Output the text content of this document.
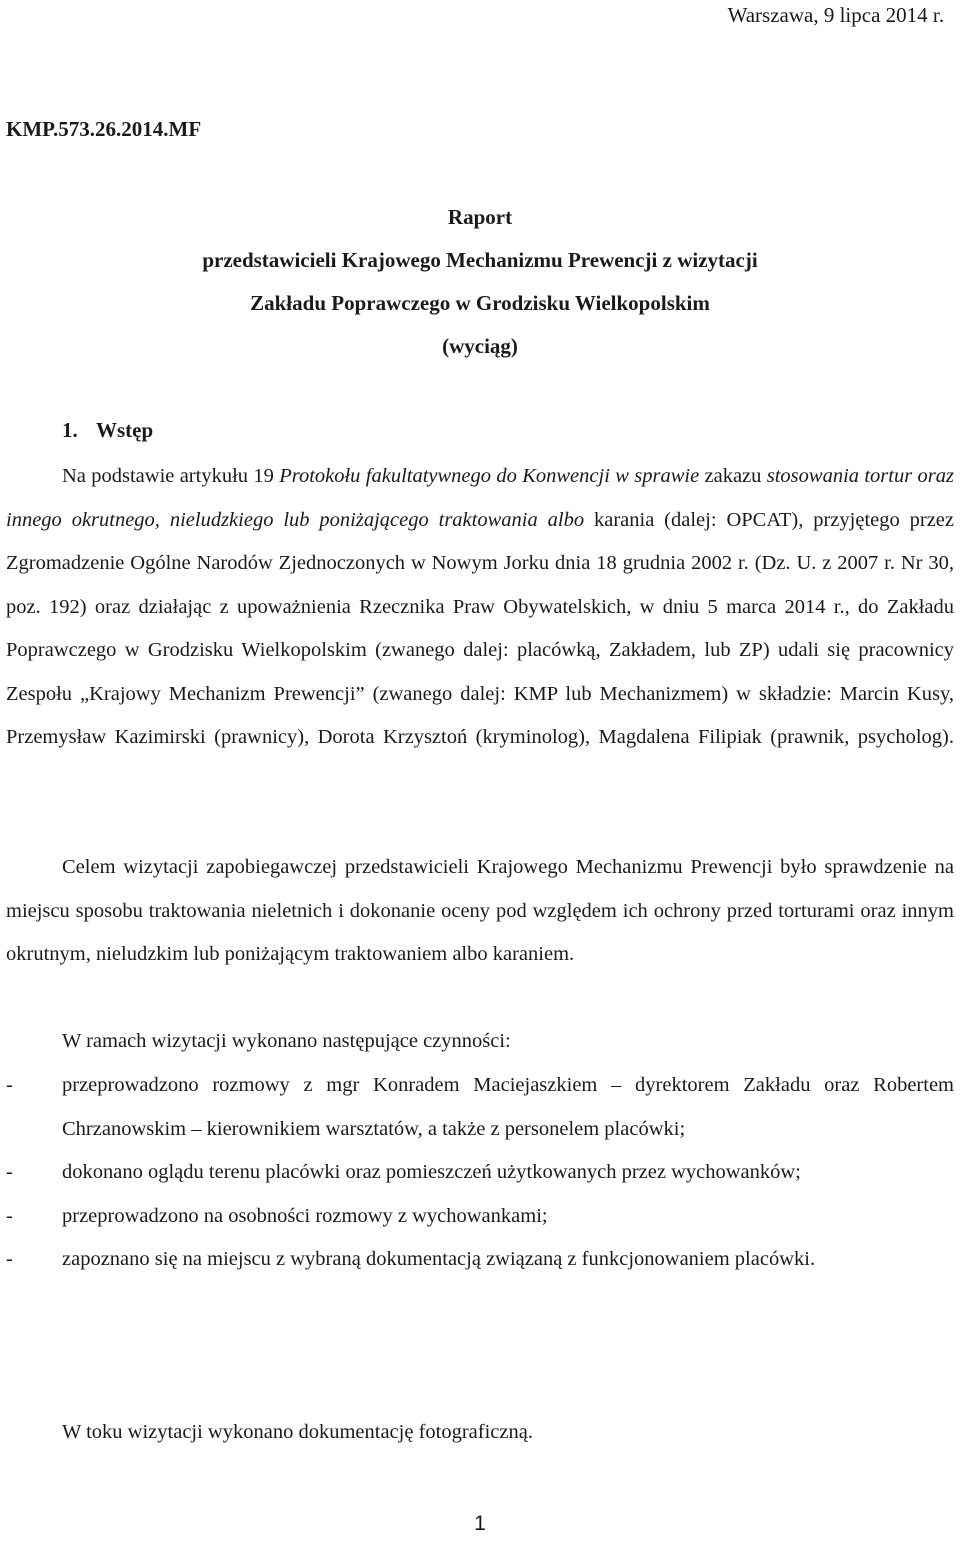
Warszawa, 9 lipca 2014 r.
KMP.573.26.2014.MF
Raport
przedstawicieli Krajowego Mechanizmu Prewencji z wizytacji
Zakładu Poprawczego w Grodzisku Wielkopolskim
(wyciąg)
1. Wstęp
Na podstawie artykułu 19 Protokołu fakultatywnego do Konwencji w sprawie zakazu stosowania tortur oraz innego okrutnego, nieludzkiego lub poniżającego traktowania albo karania (dalej: OPCAT), przyjętego przez Zgromadzenie Ogólne Narodów Zjednoczonych w Nowym Jorku dnia 18 grudnia 2002 r. (Dz. U. z 2007 r. Nr 30, poz. 192) oraz działając z upoważnienia Rzecznika Praw Obywatelskich, w dniu 5 marca 2014 r., do Zakładu Poprawczego w Grodzisku Wielkopolskim (zwanego dalej: placówką, Zakładem, lub ZP) udali się pracownicy Zespołu „Krajowy Mechanizm Prewencji” (zwanego dalej: KMP lub Mechanizmem) w składzie: Marcin Kusy, Przemysław Kazimirski (prawnicy), Dorota Krzysztoń (kryminolog), Magdalena Filipiak (prawnik, psycholog).
Celem wizytacji zapobiegawczej przedstawicieli Krajowego Mechanizmu Prewencji było sprawdzenie na miejscu sposobu traktowania nieletnich i dokonanie oceny pod względem ich ochrony przed torturami oraz innym okrutnym, nieludzkim lub poniżającym traktowaniem albo karaniem.
W ramach wizytacji wykonano następujące czynności:
- przeprowadzono rozmowy z mgr Konradem Maciejaszkiem – dyrektorem Zakładu oraz Robertem Chrzanowskim – kierownikiem warsztatów, a także z personelem placówki;
- dokonano oglądu terenu placówki oraz pomieszczeń użytkowanych przez wychowanków;
- przeprowadzono na osobności rozmowy z wychowankami;
- zapoznano się na miejscu z wybraną dokumentacją związaną z funkcjonowaniem placówki.
W toku wizytacji wykonano dokumentację fotograficzną.
1
